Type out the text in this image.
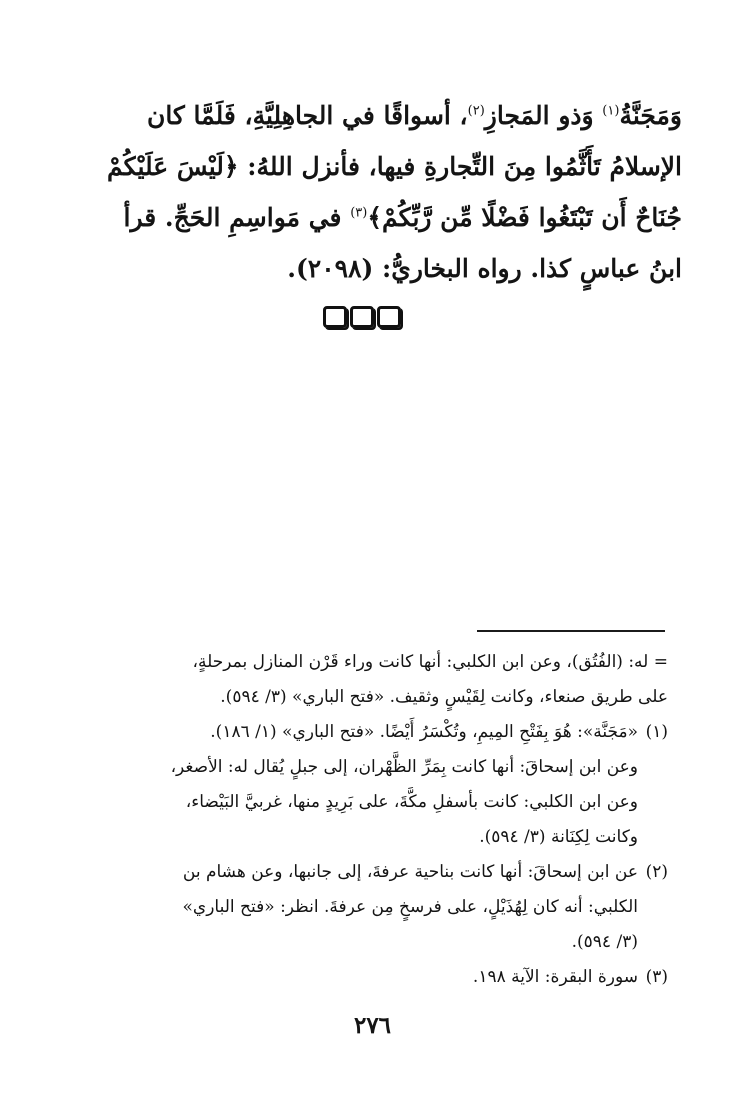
وَمَجَنَّةُ$^{(١)}$ وَذو المَجازِ$^{(٢)}$، أسواقًا في الجاهِلِيَّةِ، فَلَمَّا كان
الإسلامُ تَأَثَّمُوا مِنَ التِّجارةِ فيها، فأنزل اللهُ: ﴿لَيْسَ عَلَيْكُمْ
جُنَاحٌ أَن تَبْتَغُوا فَضْلًا مِّن رَّبِّكُمْ﴾$^{(٣)}$ في مَواسِمِ الحَجِّ. قرأ
ابنُ عباسٍ كذا. رواه البخاريُّ: (٢٠٩٨).
= له: (الفُتُق)، وعن ابن الكلبي: أنها كانت وراء قَرْن المنازل بمرحلةٍ،
على طريق صنعاء، وكانت لِقَيْسٍ وثقيف. «فتح الباري» (٣/ ٥٩٤).
(١)
«مَجَنَّة»: هُوَ بِفَتْحِ المِيمِ، وتُكْسَرُ أَيْضًا. «فتح الباري» (١/ ١٨٦).
وعن ابن إسحاقَ: أنها كانت بِمَرِّ الظَّهْران، إلى جبلٍ يُقال له: الأصغر،
وعن ابن الكلبي: كانت بأسفلِ مكَّةَ، على بَرِيدٍ منها، غربيَّ البَيْضاء،
وكانت لِكِنَانة (٣/ ٥٩٤).
(٢)
عن ابن إسحاقَ: أنها كانت بناحية عرفةَ، إلى جانبها، وعن هشام بن
الكلبي: أنه كان لِهُذَيْلٍ، على فرسخٍ مِن عرفةَ. انظر: «فتح الباري»
(٣/ ٥٩٤).
(٣)
سورة البقرة: الآية ١٩٨.
٢٧٦
